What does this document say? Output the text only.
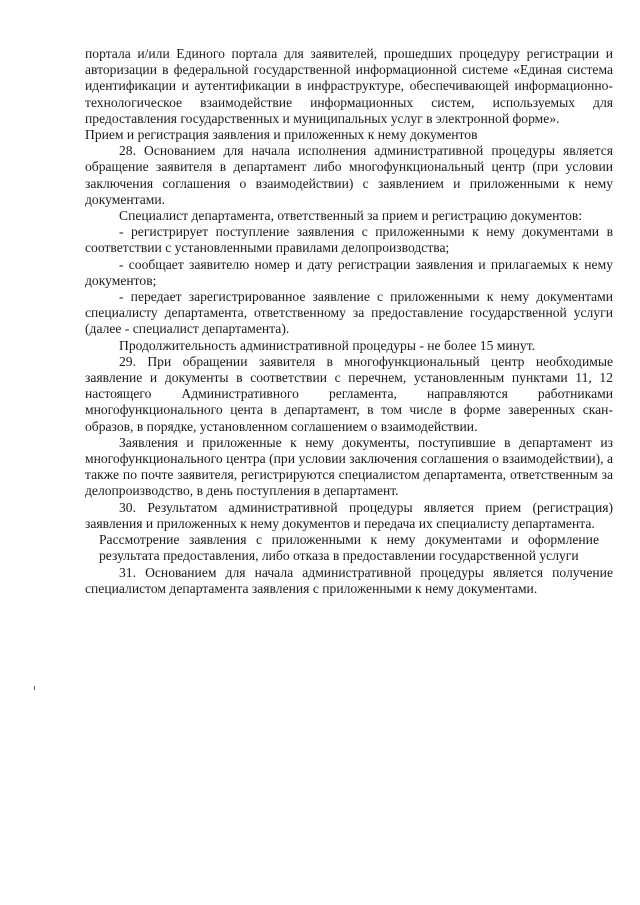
портала и/или Единого портала для заявителей, прошедших процедуру регистрации и авторизации в федеральной государственной информационной системе «Единая система идентификации и аутентификации в инфраструктуре, обеспечивающей информационно-технологическое взаимодействие информационных систем, используемых для предоставления государственных и муниципальных услуг в электронной форме».

Прием и регистрация заявления и приложенных к нему документов

28. Основанием для начала исполнения административной процедуры является обращение заявителя в департамент либо многофункциональный центр (при условии заключения соглашения о взаимодействии) с заявлением и приложенными к нему документами.

Специалист департамента, ответственный за прием и регистрацию документов:

- регистрирует поступление заявления с приложенными к нему документами в соответствии с установленными правилами делопроизводства;

- сообщает заявителю номер и дату регистрации заявления и прилагаемых к нему документов;

- передает зарегистрированное заявление с приложенными к нему документами специалисту департамента, ответственному за предоставление государственной услуги (далее - специалист департамента).

Продолжительность административной процедуры - не более 15 минут.

29. При обращении заявителя в многофункциональный центр необходимые заявление и документы в соответствии с перечнем, установленным пунктами 11, 12 настоящего Административного регламента, направляются работниками многофункционального цента в департамент, в том числе в форме заверенных скан-образов, в порядке, установленном соглашением о взаимодействии.

Заявления и приложенные к нему документы, поступившие в департамент из многофункционального центра (при условии заключения соглашения о взаимодействии), а также по почте заявителя, регистрируются специалистом департамента, ответственным за делопроизводство, в день поступления в департамент.

30. Результатом административной процедуры является прием (регистрация) заявления и приложенных к нему документов и передача их специалисту департамента.

Рассмотрение заявления с приложенными к нему документами и оформление результата предоставления, либо отказа в предоставлении государственной услуги

31. Основанием для начала административной процедуры является получение специалистом департамента заявления с приложенными к нему документами.
